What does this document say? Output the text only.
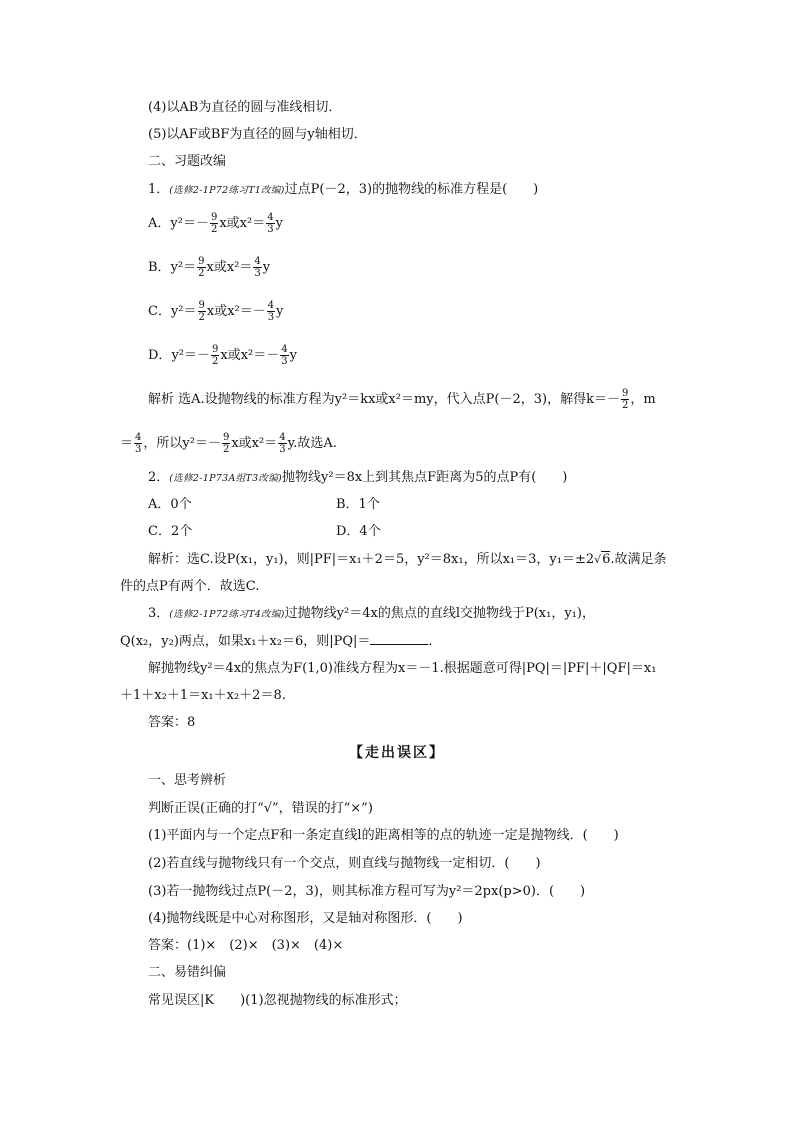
(4)以AB为直径的圆与准线相切．
(5)以AF或BF为直径的圆与y轴相切．
二、习题改编
1．(选修2-1P72练习T1改编)过点P(－2，3)的抛物线的标准方程是(　　)
A．$y^2=- \frac{9}{2}$ x或$x^2= \frac{4}{3}$ y
B．$y^2= \frac{9}{2}$ x或$x^2= \frac{4}{3}$ y
C．$y^2= \frac{9}{2}$ x或$x^2=- \frac{4}{3}$ y
D．$y^2=- \frac{9}{2}$ x或$x^2=- \frac{4}{3}$ y
解析 选A.设抛物线的标准方程为y²＝kx或x²＝my，代入点P(－2，3)，解得$k=- \frac{9}{2}$ ，m
＝ $\frac{4}{3}$ ，所以$y^2=- \frac{9}{2}$ x或$x^2= \frac{4}{3} y$.故选A.
2．(选修2-1P73A组T3改编)抛物线y²＝8x上到其焦点F距离为5的点P有(　　)
A．0个	B．1个
C．2个	D．4个
解析：选C.设P(x₁，y₁)，则|PF|＝x₁＋2＝5，y²＝8x₁，所以x₁＝3，y₁＝±2√6.故满足条
件的点P有两个．故选C.
3．(选修2-1P72练习T4改编)过抛物线y²＝4x的焦点的直线l交抛物线于P(x₁，y₁)，
Q(x₂，y₂)两点，如果x₁＋x₂＝6，则|PQ|＝	．
解抛物线y²＝4x的焦点为F(1,0)准线方程为x＝－1.根据题意可得|PQ|＝|PF|＋|QF|＝x₁
＋1＋x₂＋1＝x₁＋x₂＋2＝8.
答案：8
【走出误区】
一、思考辨析
判断正误(正确的打“√”，错误的打“×”)
(1)平面内与一个定点F和一条定直线l的距离相等的点的轨迹一定是抛物线．(　　)
(2)若直线与抛物线只有一个交点，则直线与抛物线一定相切．(　　)
(3)若一抛物线过点P(－2，3)，则其标准方程可写为y²＝2px(p>0)．(　　)
(4)抛物线既是中心对称图形，又是轴对称图形．(　　)
答案：(1)×　(2)×　(3)×　(4)×
二、易错纠偏
常见误区|K　　)(1)忽视抛物线的标准形式；
